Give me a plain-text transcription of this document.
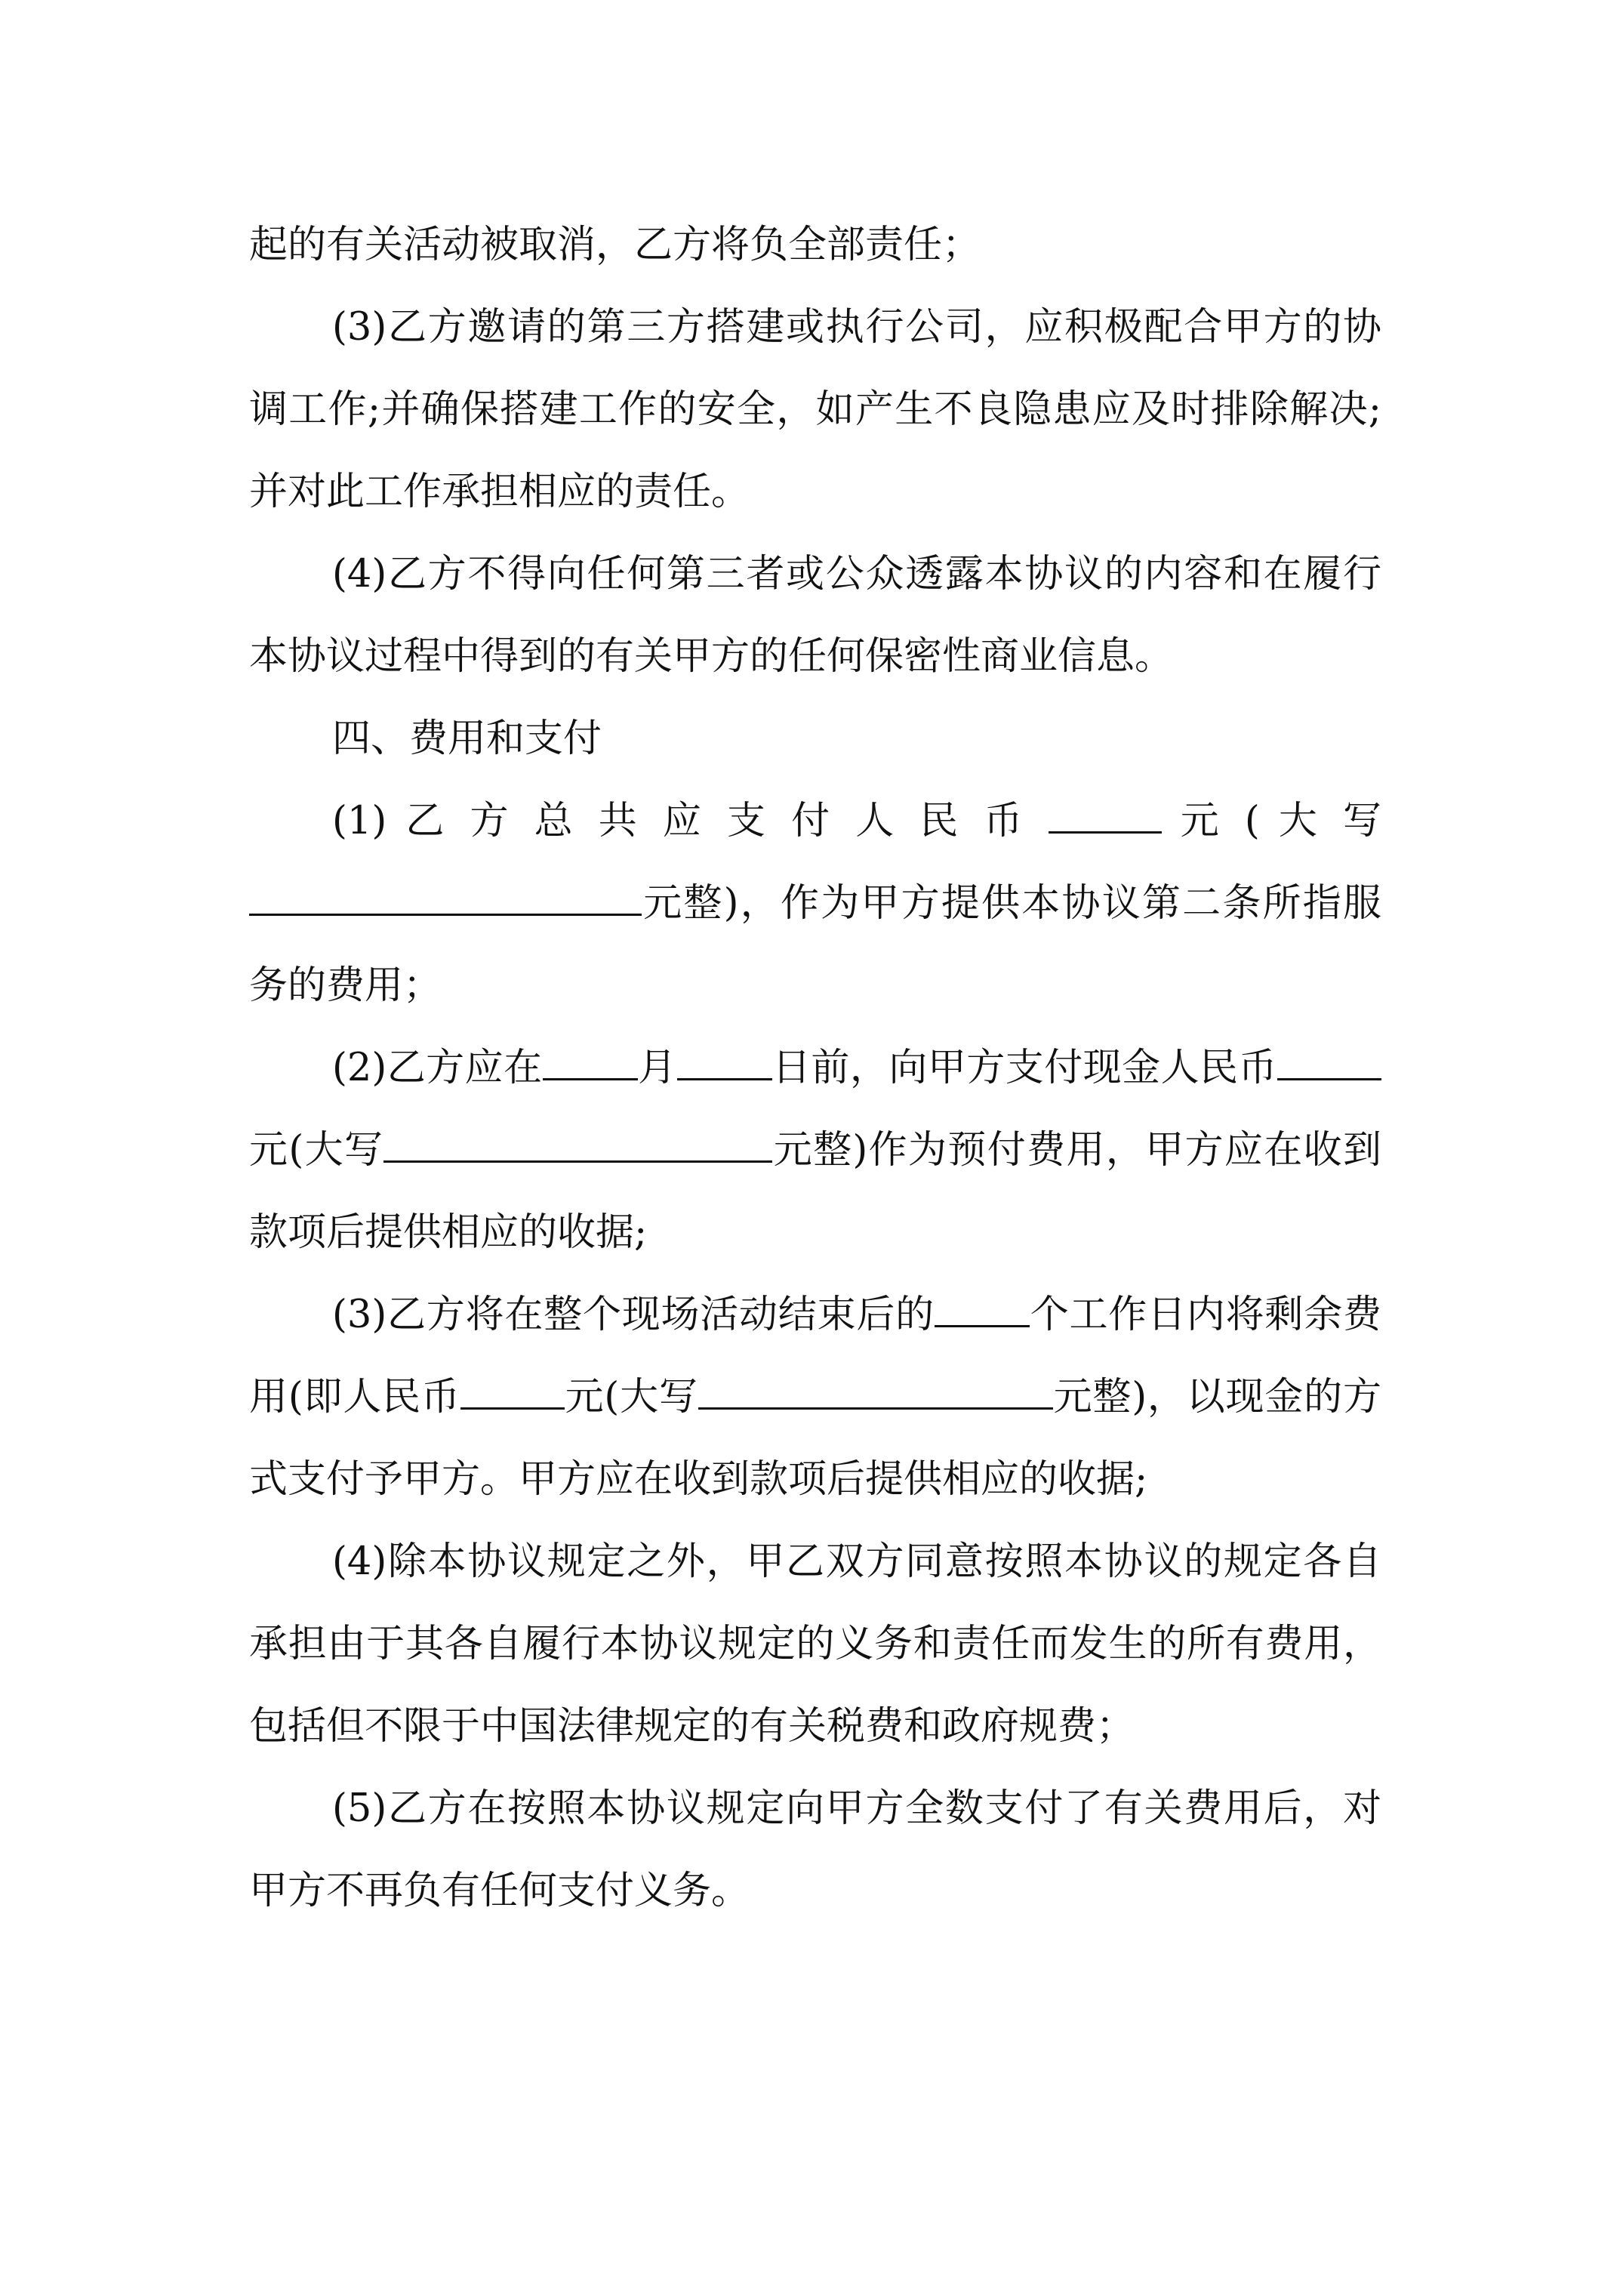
起的有关活动被取消，乙方将负全部责任；

(3)乙方邀请的第三方搭建或执行公司，应积极配合甲方的协调工作;并确保搭建工作的安全，如产生不良隐患应及时排除解决;并对此工作承担相应的责任。

(4)乙方不得向任何第三者或公众透露本协议的内容和在履行本协议过程中得到的有关甲方的任何保密性商业信息。

四、费用和支付

(1) 乙 方 总 共 应 支 付 人 民 币	元 ( 大 写 元整)，作为甲方提供本协议第二条所指服务的费用；

(2)乙方应在 月 日前，向甲方支付现金人民币元(大写	元整)作为预付费用，甲方应在收到款项后提供相应的收据;

(3)乙方将在整个现场活动结束后的 个工作日内将剩余费用(即人民币	元(大写	元整)，以现金的方式支付予甲方。甲方应在收到款项后提供相应的收据;

(4)除本协议规定之外，甲乙双方同意按照本协议的规定各自承担由于其各自履行本协议规定的义务和责任而发生的所有费用，包括但不限于中国法律规定的有关税费和政府规费；

(5)乙方在按照本协议规定向甲方全数支付了有关费用后，对甲方不再负有任何支付义务。
